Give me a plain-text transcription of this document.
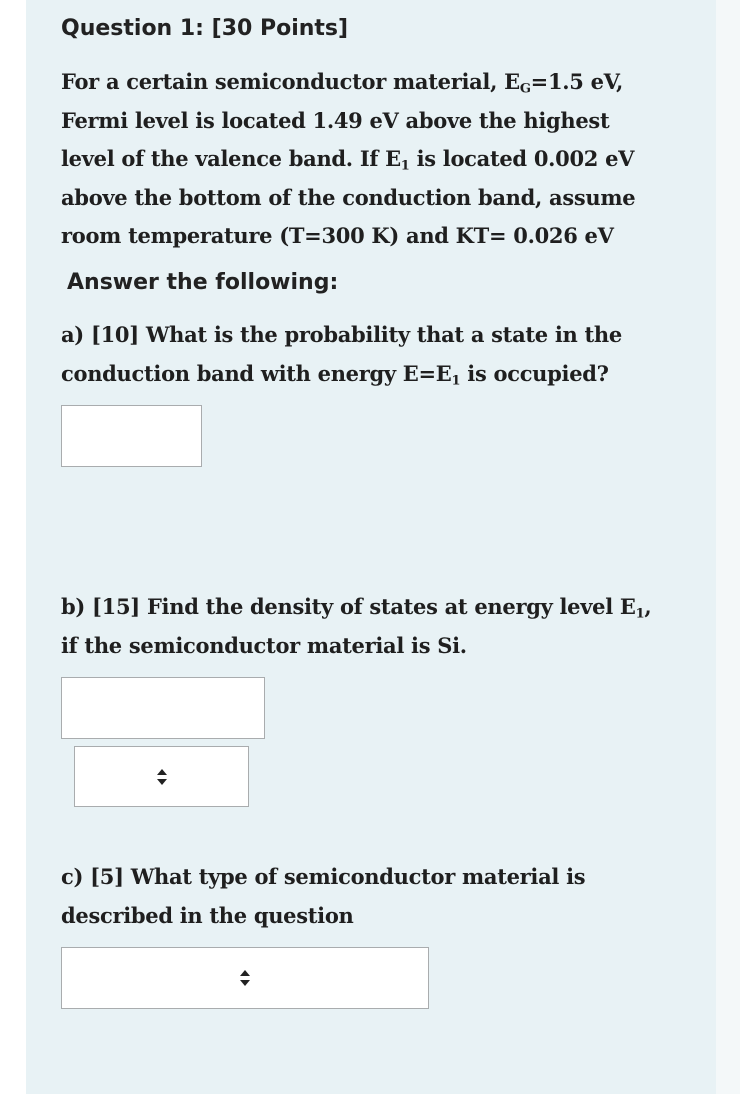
Question 1: [30 Points]

For a certain semiconductor material, $E_G=1.5$ eV,
Fermi level is located 1.49 eV above the highest
level of the valence band. If $E_1$ is located 0.002 eV
above the bottom of the conduction band, assume
room temperature (T=300 K) and KT= 0.026 eV

Answer the following:

a) [10] What is the probability that a state in the
conduction band with energy $E=E_1$ is occupied?

b) [15] Find the density of states at energy level $E_1$,
if the semiconductor material is Si.

c) [5] What type of semiconductor material is
described in the question
